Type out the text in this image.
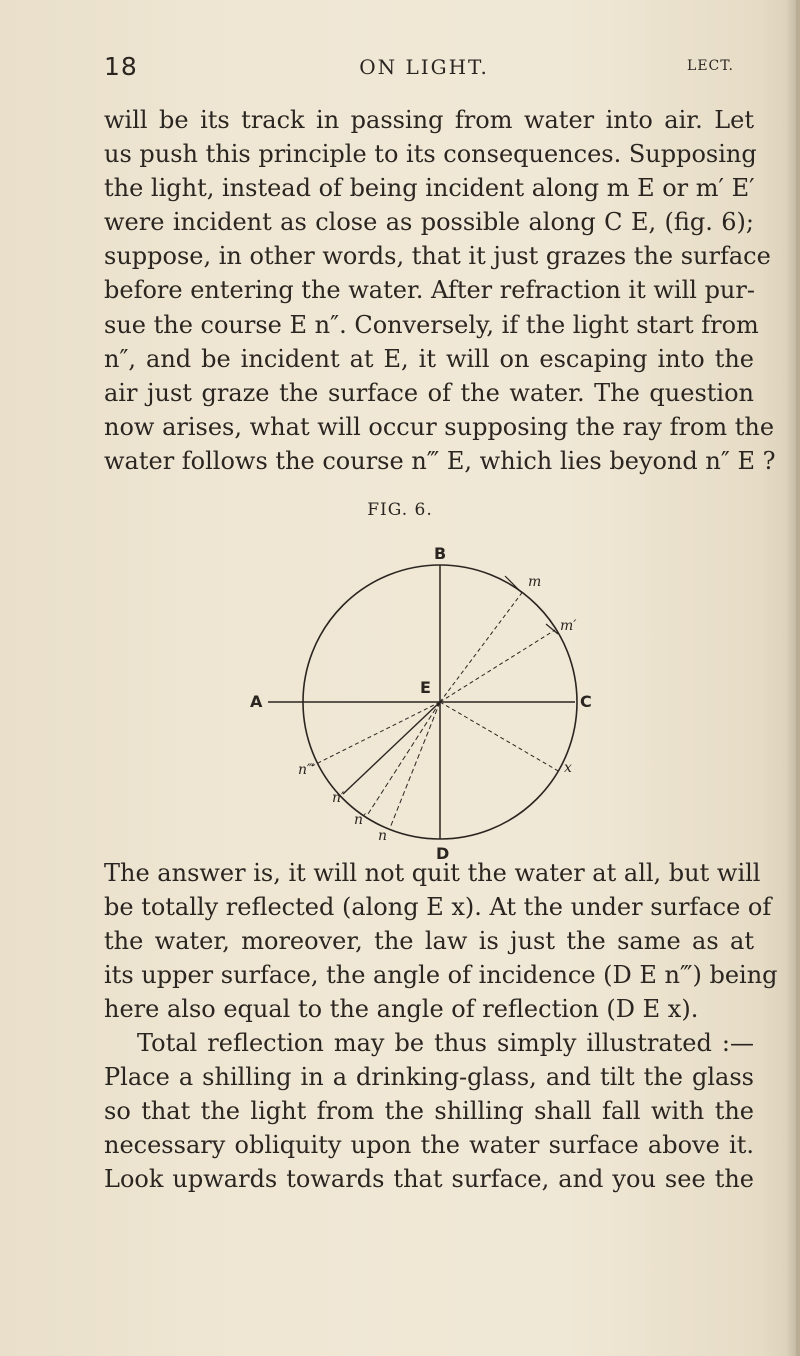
18	ON LIGHT.	LECT.
will be its track in passing from water into air. Let
us push this principle to its consequences. Supposing
the light, instead of being incident along m E or m′ E′
were incident as close as possible along C E, (fig. 6);
suppose, in other words, that it just grazes the surface
before entering the water. After refraction it will pur-
sue the course E n″. Conversely, if the light start from
n″, and be incident at E, it will on escaping into the
air just graze the surface of the water. The question
now arises, what will occur supposing the ray from the
water follows the course n‴ E, which lies beyond n″ E ?
FIG. 6.
B
A	C
D
E
m
m′
x
n
n′
n″
n‴
The answer is, it will not quit the water at all, but will
be totally reflected (along E x). At the under surface of
the water, moreover, the law is just the same as at
its upper surface, the angle of incidence (D E n‴) being
here also equal to the angle of reflection (D E x).
Total reflection may be thus simply illustrated :—
Place a shilling in a drinking-glass, and tilt the glass
so that the light from the shilling shall fall with the
necessary obliquity upon the water surface above it.
Look upwards towards that surface, and you see the
